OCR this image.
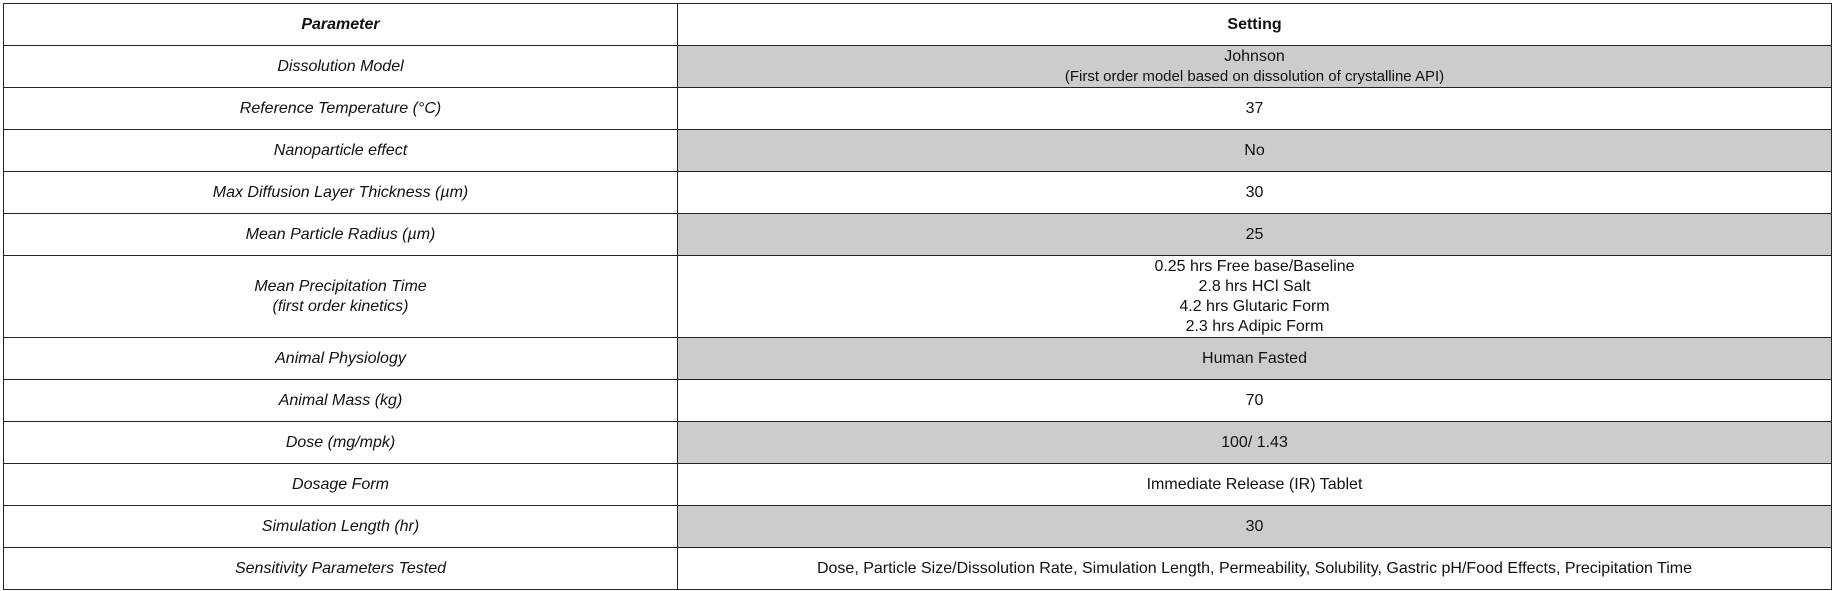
Parameter	Setting

Dissolution Model	Johnson
(First order model based on dissolution of crystalline API)

Reference Temperature (°C)	37

Nanoparticle effect	No

Max Diffusion Layer Thickness (µm)	30

Mean Particle Radius (µm)	25

Mean Precipitation Time
(first order kinetics)	0.25 hrs Free base/Baseline
2.8 hrs HCl Salt
4.2 hrs Glutaric Form
2.3 hrs Adipic Form

Animal Physiology	Human Fasted

Animal Mass (kg)	70

Dose (mg/mpk)	100/ 1.43

Dosage Form	Immediate Release (IR) Tablet

Simulation Length (hr)	30

Sensitivity Parameters Tested	Dose, Particle Size/Dissolution Rate, Simulation Length, Permeability, Solubility, Gastric pH/Food Effects, Precipitation Time
